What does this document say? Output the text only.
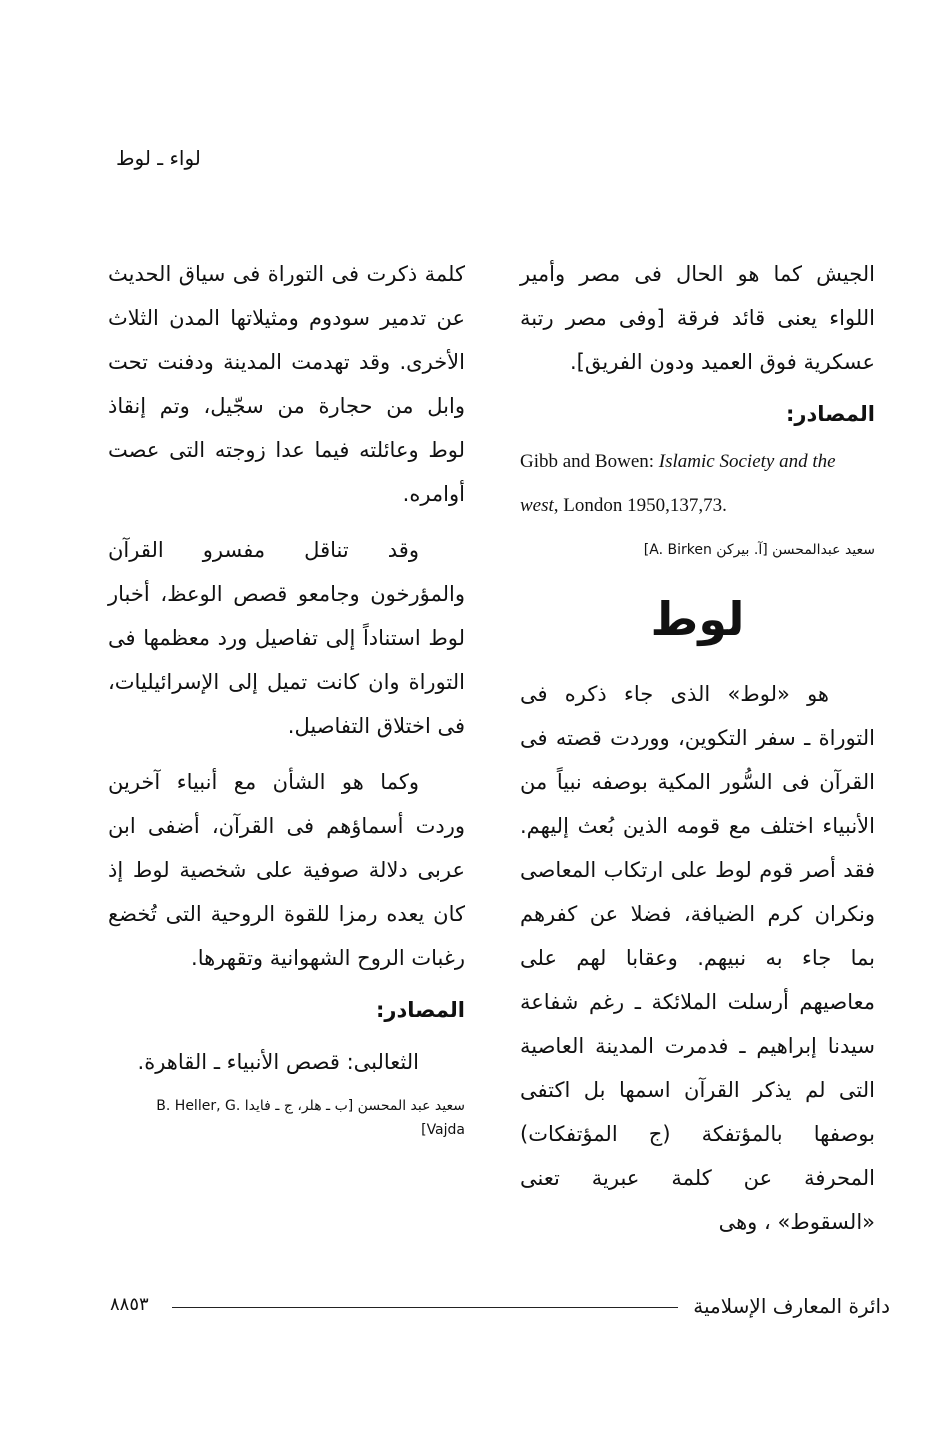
لواء ـ لوط

الجيش كما هو الحال فى مصر وأمير اللواء يعنى قائد فرقة [وفى مصر رتبة عسكرية فوق العميد ودون الفريق].

المصادر:

Gibb and Bowen: Islamic Society and the west, London 1950,137,73.

سعيد عبدالمحسن [آ. بيركن A. Birken]

لوط

هو «لوط» الذى جاء ذكره فى التوراة ـ سفر التكوين، ووردت قصته فى القرآن فى السُّور المكية بوصفه نبياً من الأنبياء اختلف مع قومه الذين بُعث إليهم. فقد أصر قوم لوط على ارتكاب المعاصى ونكران كرم الضيافة، فضلا عن كفرهم بما جاء به نبيهم. وعقابا لهم على معاصيهم أرسلت الملائكة ـ رغم شفاعة سيدنا إبراهيم ـ فدمرت المدينة العاصية التى لم يذكر القرآن اسمها بل اكتفى بوصفها بالمؤتفكة (ج المؤتفكات) المحرفة عن كلمة عبرية تعنى «السقوط» ، وهى

كلمة ذكرت فى التوراة فى سياق الحديث عن تدمير سودوم ومثيلاتها المدن الثلاث الأخرى. وقد تهدمت المدينة ودفنت تحت وابل من حجارة من سجّيل، وتم إنقاذ لوط وعائلته فيما عدا زوجته التى عصت أوامره.

وقد تناقل مفسرو القرآن والمؤرخون وجامعو قصص الوعظ، أخبار لوط استناداً إلى تفاصيل ورد معظمها فى التوراة وان كانت تميل إلى الإسرائيليات، فى اختلاق التفاصيل.

وكما هو الشأن مع أنبياء آخرين وردت أسماؤهم فى القرآن، أضفى ابن عربى دلالة صوفية على شخصية لوط إذ كان يعده رمزا للقوة الروحية التى تُخضع رغبات الروح الشهوانية وتقهرها.

المصادر:

الثعالبى: قصص الأنبياء ـ القاهرة.

سعيد عبد المحسن [ب ـ هلر، ج ـ فايدا B. Heller, G. Vajda]

دائرة المعارف الإسلامية
٨٨٥٣
